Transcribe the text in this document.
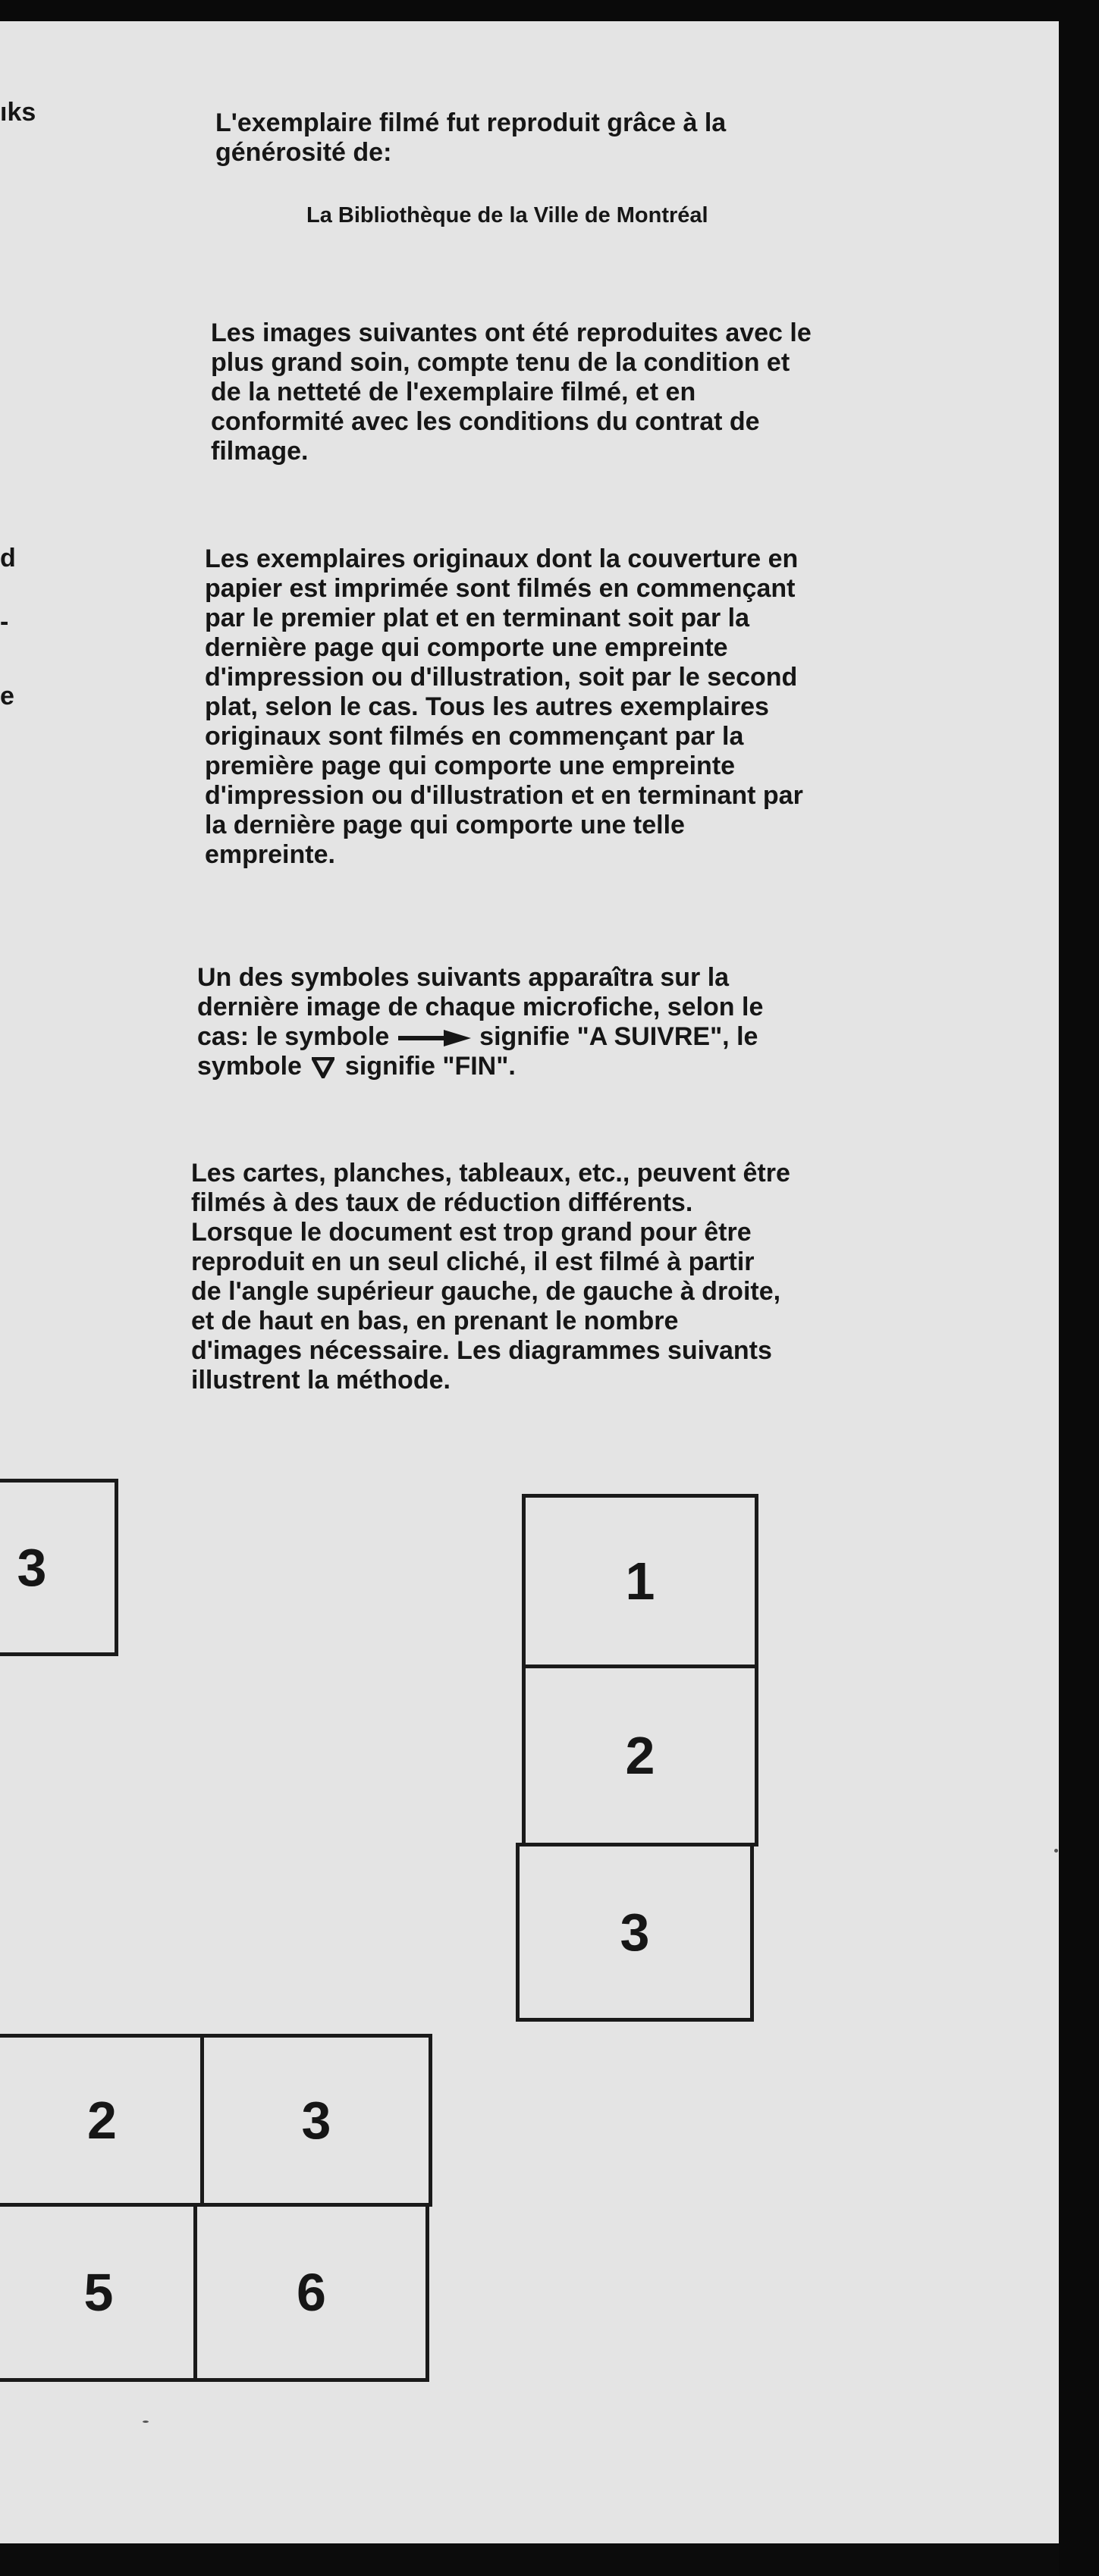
ıks
d
-
e
L'exemplaire filmé fut reproduit grâce à la
générosité de:
La Bibliothèque de la Ville de Montréal
Les images suivantes ont été reproduites avec le
plus grand soin, compte tenu de la condition et
de la netteté de l'exemplaire filmé, et en
conformité avec les conditions du contrat de
filmage.
Les exemplaires originaux dont la couverture en
papier est imprimée sont filmés en commençant
par le premier plat et en terminant soit par la
dernière page qui comporte une empreinte
d'impression ou d'illustration, soit par le second
plat, selon le cas. Tous les autres exemplaires
originaux sont filmés en commençant par la
première page qui comporte une empreinte
d'impression ou d'illustration et en terminant par
la dernière page qui comporte une telle
empreinte.
Un des symboles suivants apparaîtra sur la
dernière image de chaque microfiche, selon le
cas: le symbole	signifie "A SUIVRE", le
symbole signifie "FIN".
Les cartes, planches, tableaux, etc., peuvent être
filmés à des taux de réduction différents.
Lorsque le document est trop grand pour être
reproduit en un seul cliché, il est filmé à partir
de l'angle supérieur gauche, de gauche à droite,
et de haut en bas, en prenant le nombre
d'images nécessaire. Les diagrammes suivants
illustrent la méthode.
3	1
2
3
2	3
5	6
